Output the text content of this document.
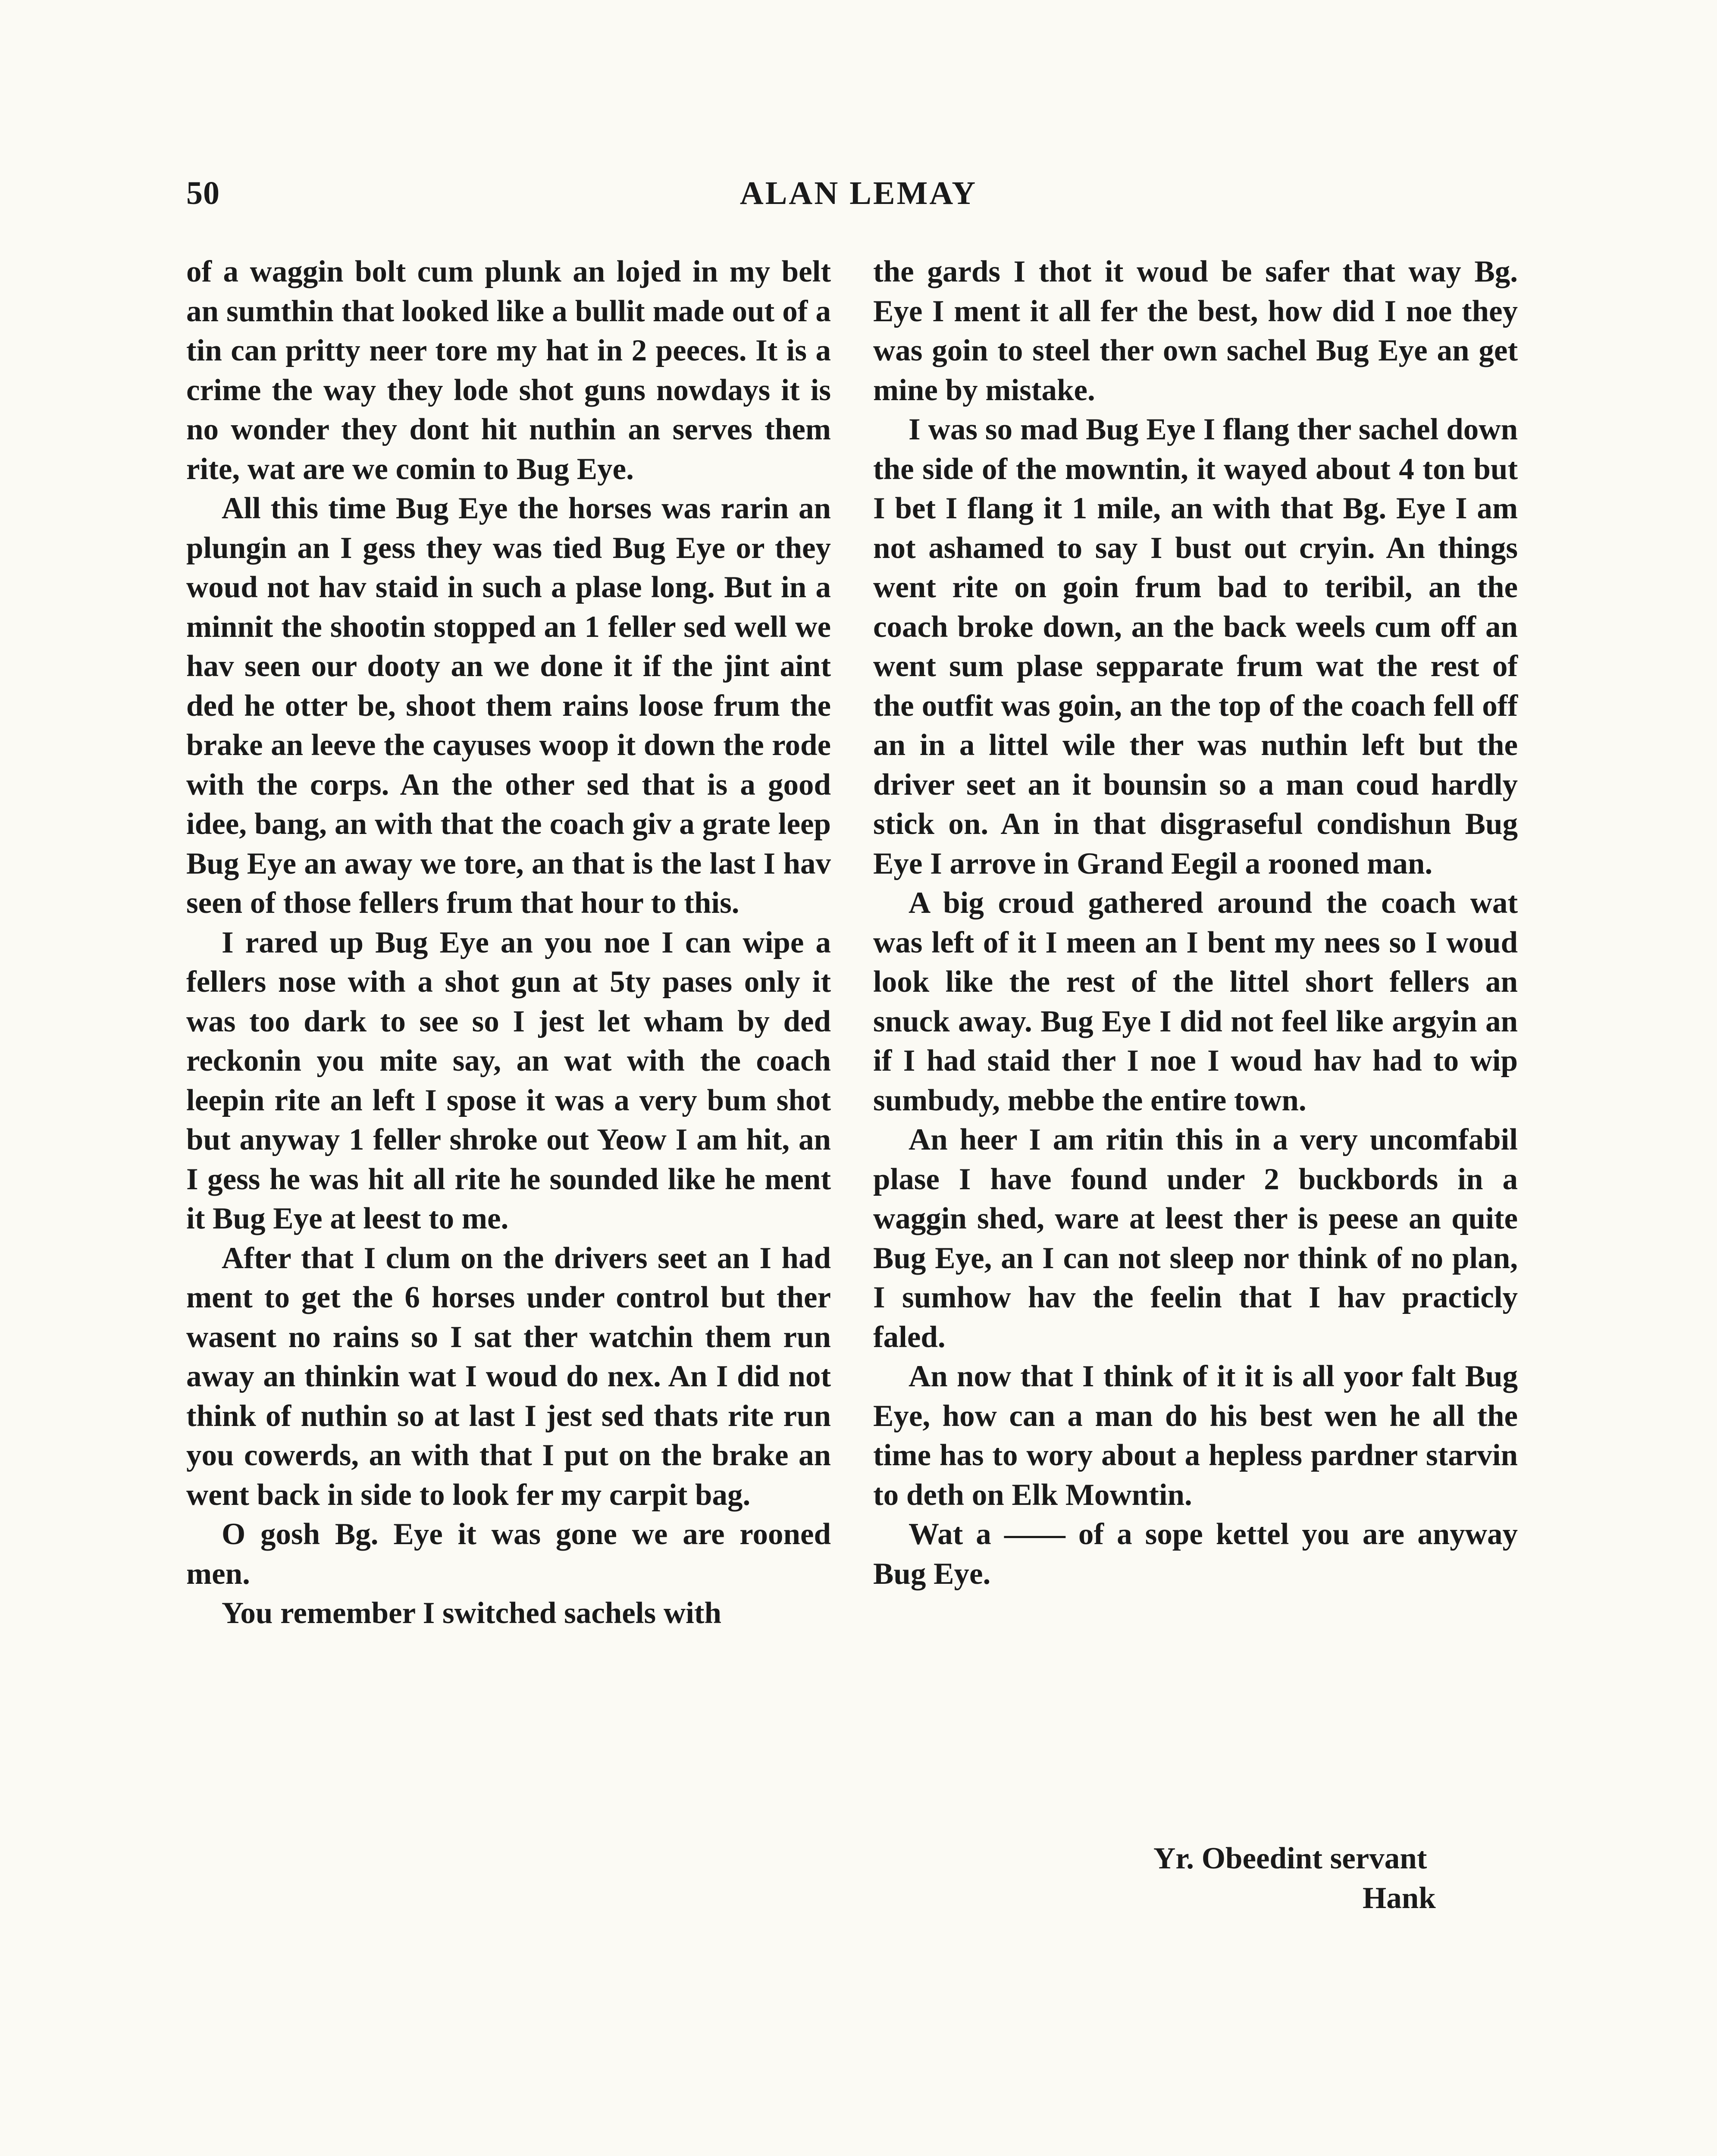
50	ALAN LEMAY

of a waggin bolt cum plunk an lojed in my belt an sumthin that looked like a bullit made out of a tin can pritty neer tore my hat in 2 peeces. It is a crime the way they lode shot guns nowdays it is no wonder they dont hit nuthin an serves them rite, wat are we comin to Bug Eye.

All this time Bug Eye the horses was rarin an plungin an I gess they was tied Bug Eye or they woud not hav staid in such a plase long. But in a minnit the shootin stopped an 1 feller sed well we hav seen our dooty an we done it if the jint aint ded he otter be, shoot them rains loose frum the brake an leeve the cayuses woop it down the rode with the corps. An the other sed that is a good idee, bang, an with that the coach giv a grate leep Bug Eye an away we tore, an that is the last I hav seen of those fellers frum that hour to this.

I rared up Bug Eye an you noe I can wipe a fellers nose with a shot gun at 5ty pases only it was too dark to see so I jest let wham by ded reckonin you mite say, an wat with the coach leepin rite an left I spose it was a very bum shot but anyway 1 feller shroke out Yeow I am hit, an I gess he was hit all rite he sounded like he ment it Bug Eye at leest to me.

After that I clum on the drivers seet an I had ment to get the 6 horses under control but ther wasent no rains so I sat ther watchin them run away an thinkin wat I woud do nex. An I did not think of nuthin so at last I jest sed thats rite run you cowerds, an with that I put on the brake an went back in side to look fer my carpit bag.

O gosh Bg. Eye it was gone we are rooned men.

You remember I switched sachels with

the gards I thot it woud be safer that way Bg. Eye I ment it all fer the best, how did I noe they was goin to steel ther own sachel Bug Eye an get mine by mistake.

I was so mad Bug Eye I flang ther sachel down the side of the mowntin, it wayed about 4 ton but I bet I flang it 1 mile, an with that Bg. Eye I am not ashamed to say I bust out cryin. An things went rite on goin frum bad to teribil, an the coach broke down, an the back weels cum off an went sum plase sepparate frum wat the rest of the outfit was goin, an the top of the coach fell off an in a littel wile ther was nuthin left but the driver seet an it bounsin so a man coud hardly stick on. An in that disgraseful condishun Bug Eye I arrove in Grand Eegil a rooned man.

A big croud gathered around the coach wat was left of it I meen an I bent my nees so I woud look like the rest of the littel short fellers an snuck away. Bug Eye I did not feel like argyin an if I had staid ther I noe I woud hav had to wip sumbudy, mebbe the entire town.

An heer I am ritin this in a very uncomfabil plase I have found under 2 buckbords in a waggin shed, ware at leest ther is peese an quite Bug Eye, an I can not sleep nor think of no plan, I sumhow hav the feelin that I hav practicly faled.

An now that I think of it it is all yoor falt Bug Eye, how can a man do his best wen he all the time has to wory about a hepless pardner starvin to deth on Elk Mowntin.

Wat a —— of a sope kettel you are anyway Bug Eye.

Yr. Obeedint servant
Hank
